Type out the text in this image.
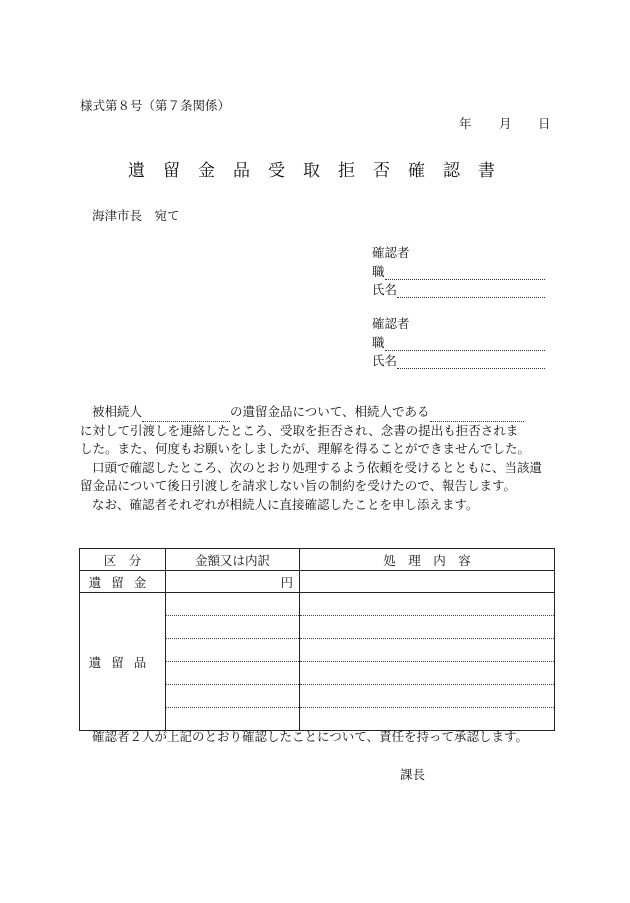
様式第８号（第７条関係）
年 月 日
遺留金品受取拒否確認書
海津市長　宛て
確認者
職
氏名
確認者
職
氏名

被相続人	の遺留金品について、相続人である

に対して引渡しを連絡したところ、受取を拒否され、念書の提出も拒否されま

した。また、何度もお願いをしましたが、理解を得ることができませんでした。

口頭で確認したところ、次のとおり処理するよう依頼を受けるとともに、当該遺留金品について後日引渡しを請求しない旨の制約を受けたので、報告します。

なお、確認者それぞれが相続人に直接確認したことを申し添えます。

区　分	金額又は内訳	処　理　内　容
遺留金	円	
遺留品		

確認者２人が上記のとおり確認したことについて、責任を持って承認します。
課長
